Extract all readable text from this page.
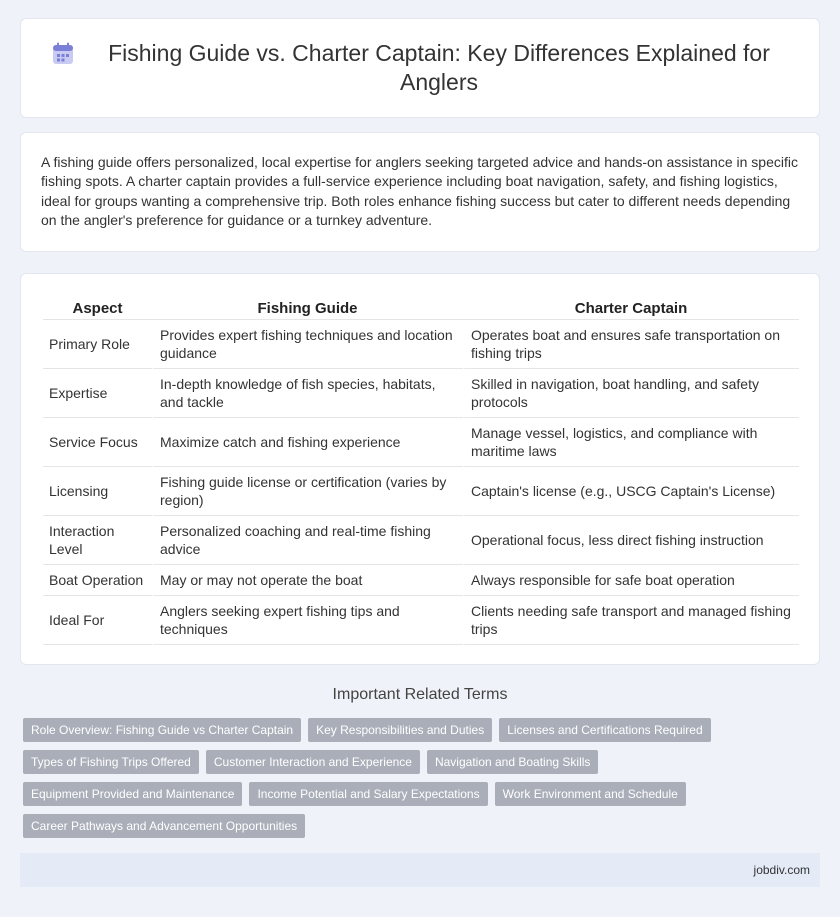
Fishing Guide vs. Charter Captain: Key Differences Explained for Anglers

A fishing guide offers personalized, local expertise for anglers seeking targeted advice and hands-on assistance in specific fishing spots. A charter captain provides a full-service experience including boat navigation, safety, and fishing logistics, ideal for groups wanting a comprehensive trip. Both roles enhance fishing success but cater to different needs depending on the angler's preference for guidance or a turnkey adventure.

Aspect	Fishing Guide	Charter Captain
Primary Role	Provides expert fishing techniques and location guidance	Operates boat and ensures safe transportation on fishing trips
Expertise	In-depth knowledge of fish species, habitats, and tackle	Skilled in navigation, boat handling, and safety protocols
Service Focus	Maximize catch and fishing experience	Manage vessel, logistics, and compliance with maritime laws
Licensing	Fishing guide license or certification (varies by region)	Captain's license (e.g., USCG Captain's License)
Interaction Level	Personalized coaching and real-time fishing advice	Operational focus, less direct fishing instruction
Boat Operation	May or may not operate the boat	Always responsible for safe boat operation
Ideal For	Anglers seeking expert fishing tips and techniques	Clients needing safe transport and managed fishing trips
Important Related Terms
Role Overview: Fishing Guide vs Charter Captain	Key Responsibilities and Duties	Licenses and Certifications Required
Types of Fishing Trips Offered	Customer Interaction and Experience	Navigation and Boating Skills
Equipment Provided and Maintenance	Income Potential and Salary Expectations	Work Environment and Schedule
Career Pathways and Advancement Opportunities
jobdiv.com
